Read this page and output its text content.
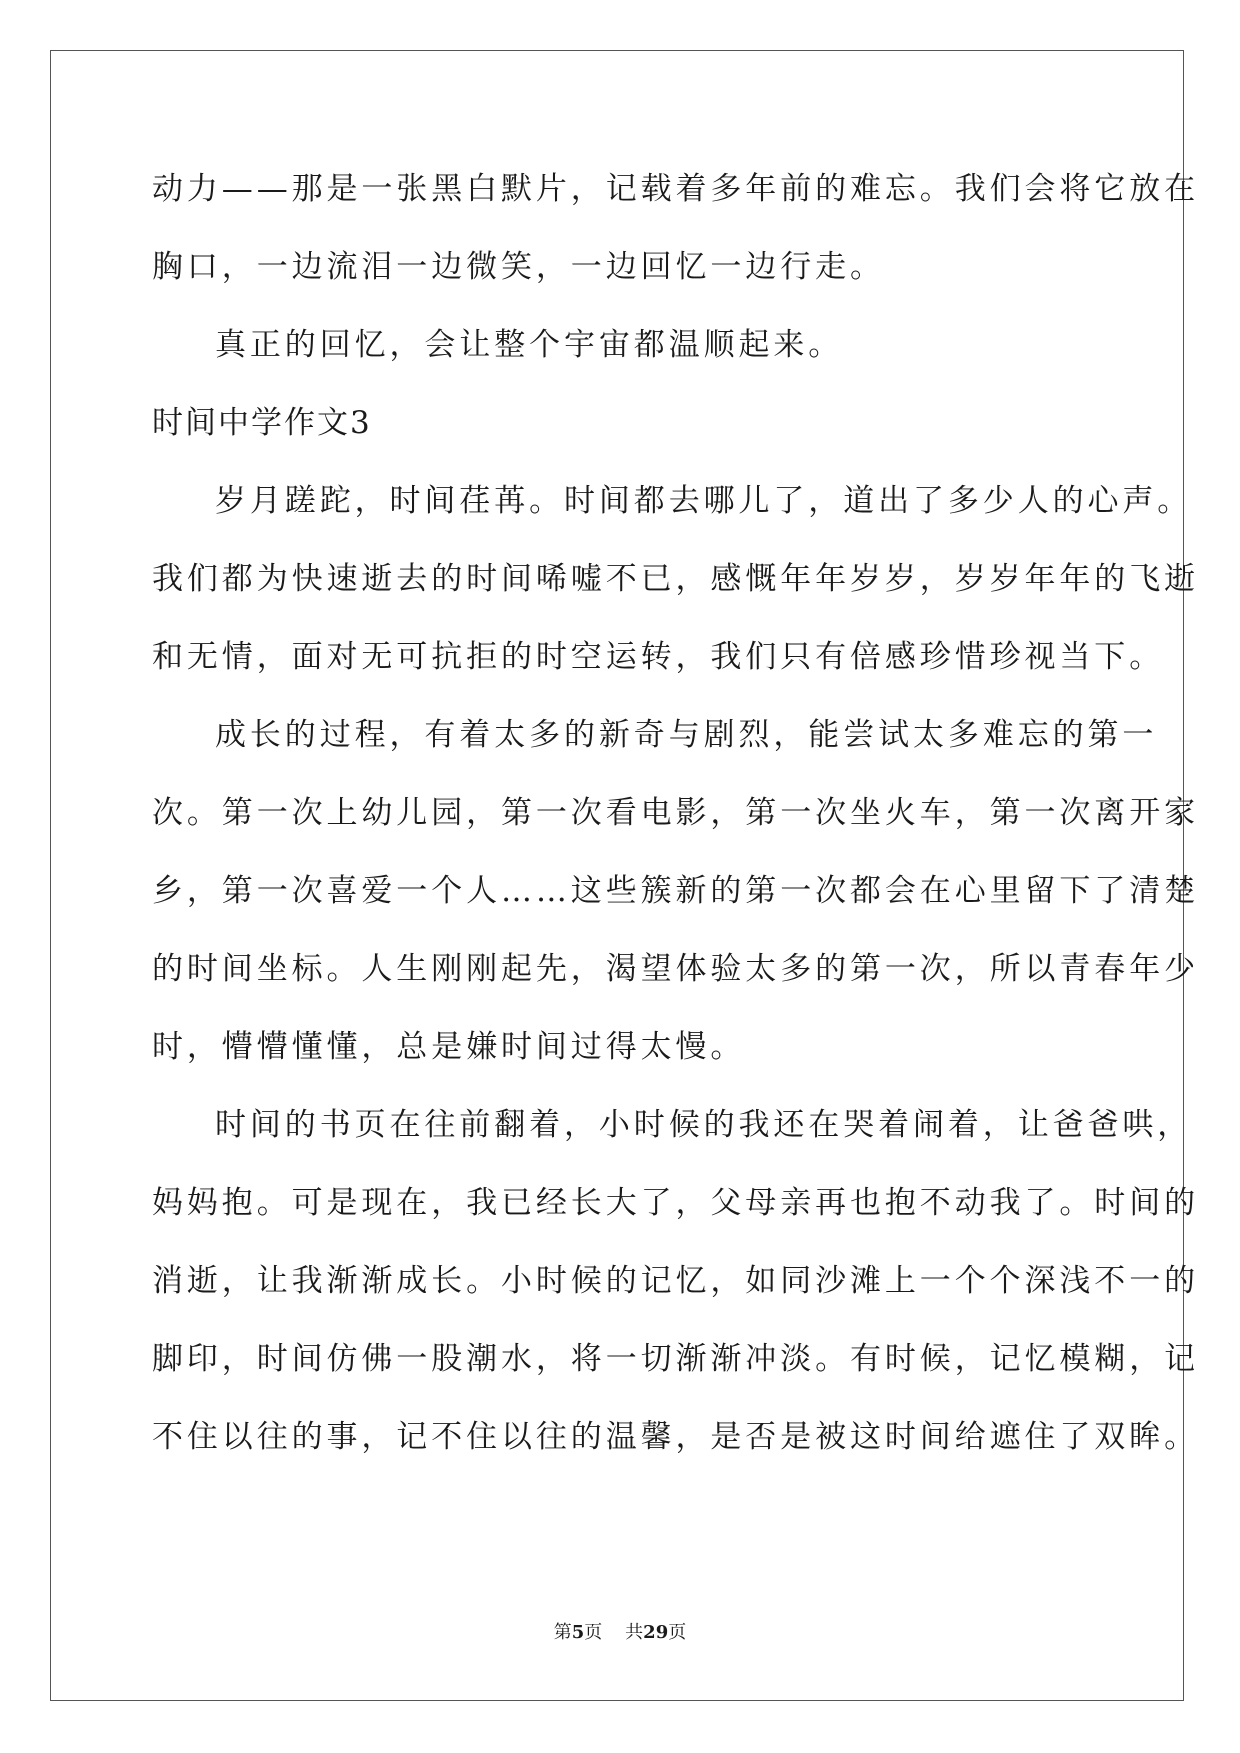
动力——那是一张黑白默片，记载着多年前的难忘。我们会将它放在
胸口，一边流泪一边微笑，一边回忆一边行走。
真正的回忆，会让整个宇宙都温顺起来。
时间中学作文3
岁月蹉跎，时间荏苒。时间都去哪儿了，道出了多少人的心声。
我们都为快速逝去的时间唏嘘不已，感慨年年岁岁，岁岁年年的飞逝
和无情，面对无可抗拒的时空运转，我们只有倍感珍惜珍视当下。
成长的过程，有着太多的新奇与剧烈，能尝试太多难忘的第一
次。第一次上幼儿园，第一次看电影，第一次坐火车，第一次离开家
乡，第一次喜爱一个人……这些簇新的第一次都会在心里留下了清楚
的时间坐标。人生刚刚起先，渴望体验太多的第一次，所以青春年少
时，懵懵懂懂，总是嫌时间过得太慢。
时间的书页在往前翻着，小时候的我还在哭着闹着，让爸爸哄，
妈妈抱。可是现在，我已经长大了，父母亲再也抱不动我了。时间的
消逝，让我渐渐成长。小时候的记忆，如同沙滩上一个个深浅不一的
脚印，时间仿佛一股潮水，将一切渐渐冲淡。有时候，记忆模糊，记
不住以往的事，记不住以往的温馨，是否是被这时间给遮住了双眸。
第5页 共29页
